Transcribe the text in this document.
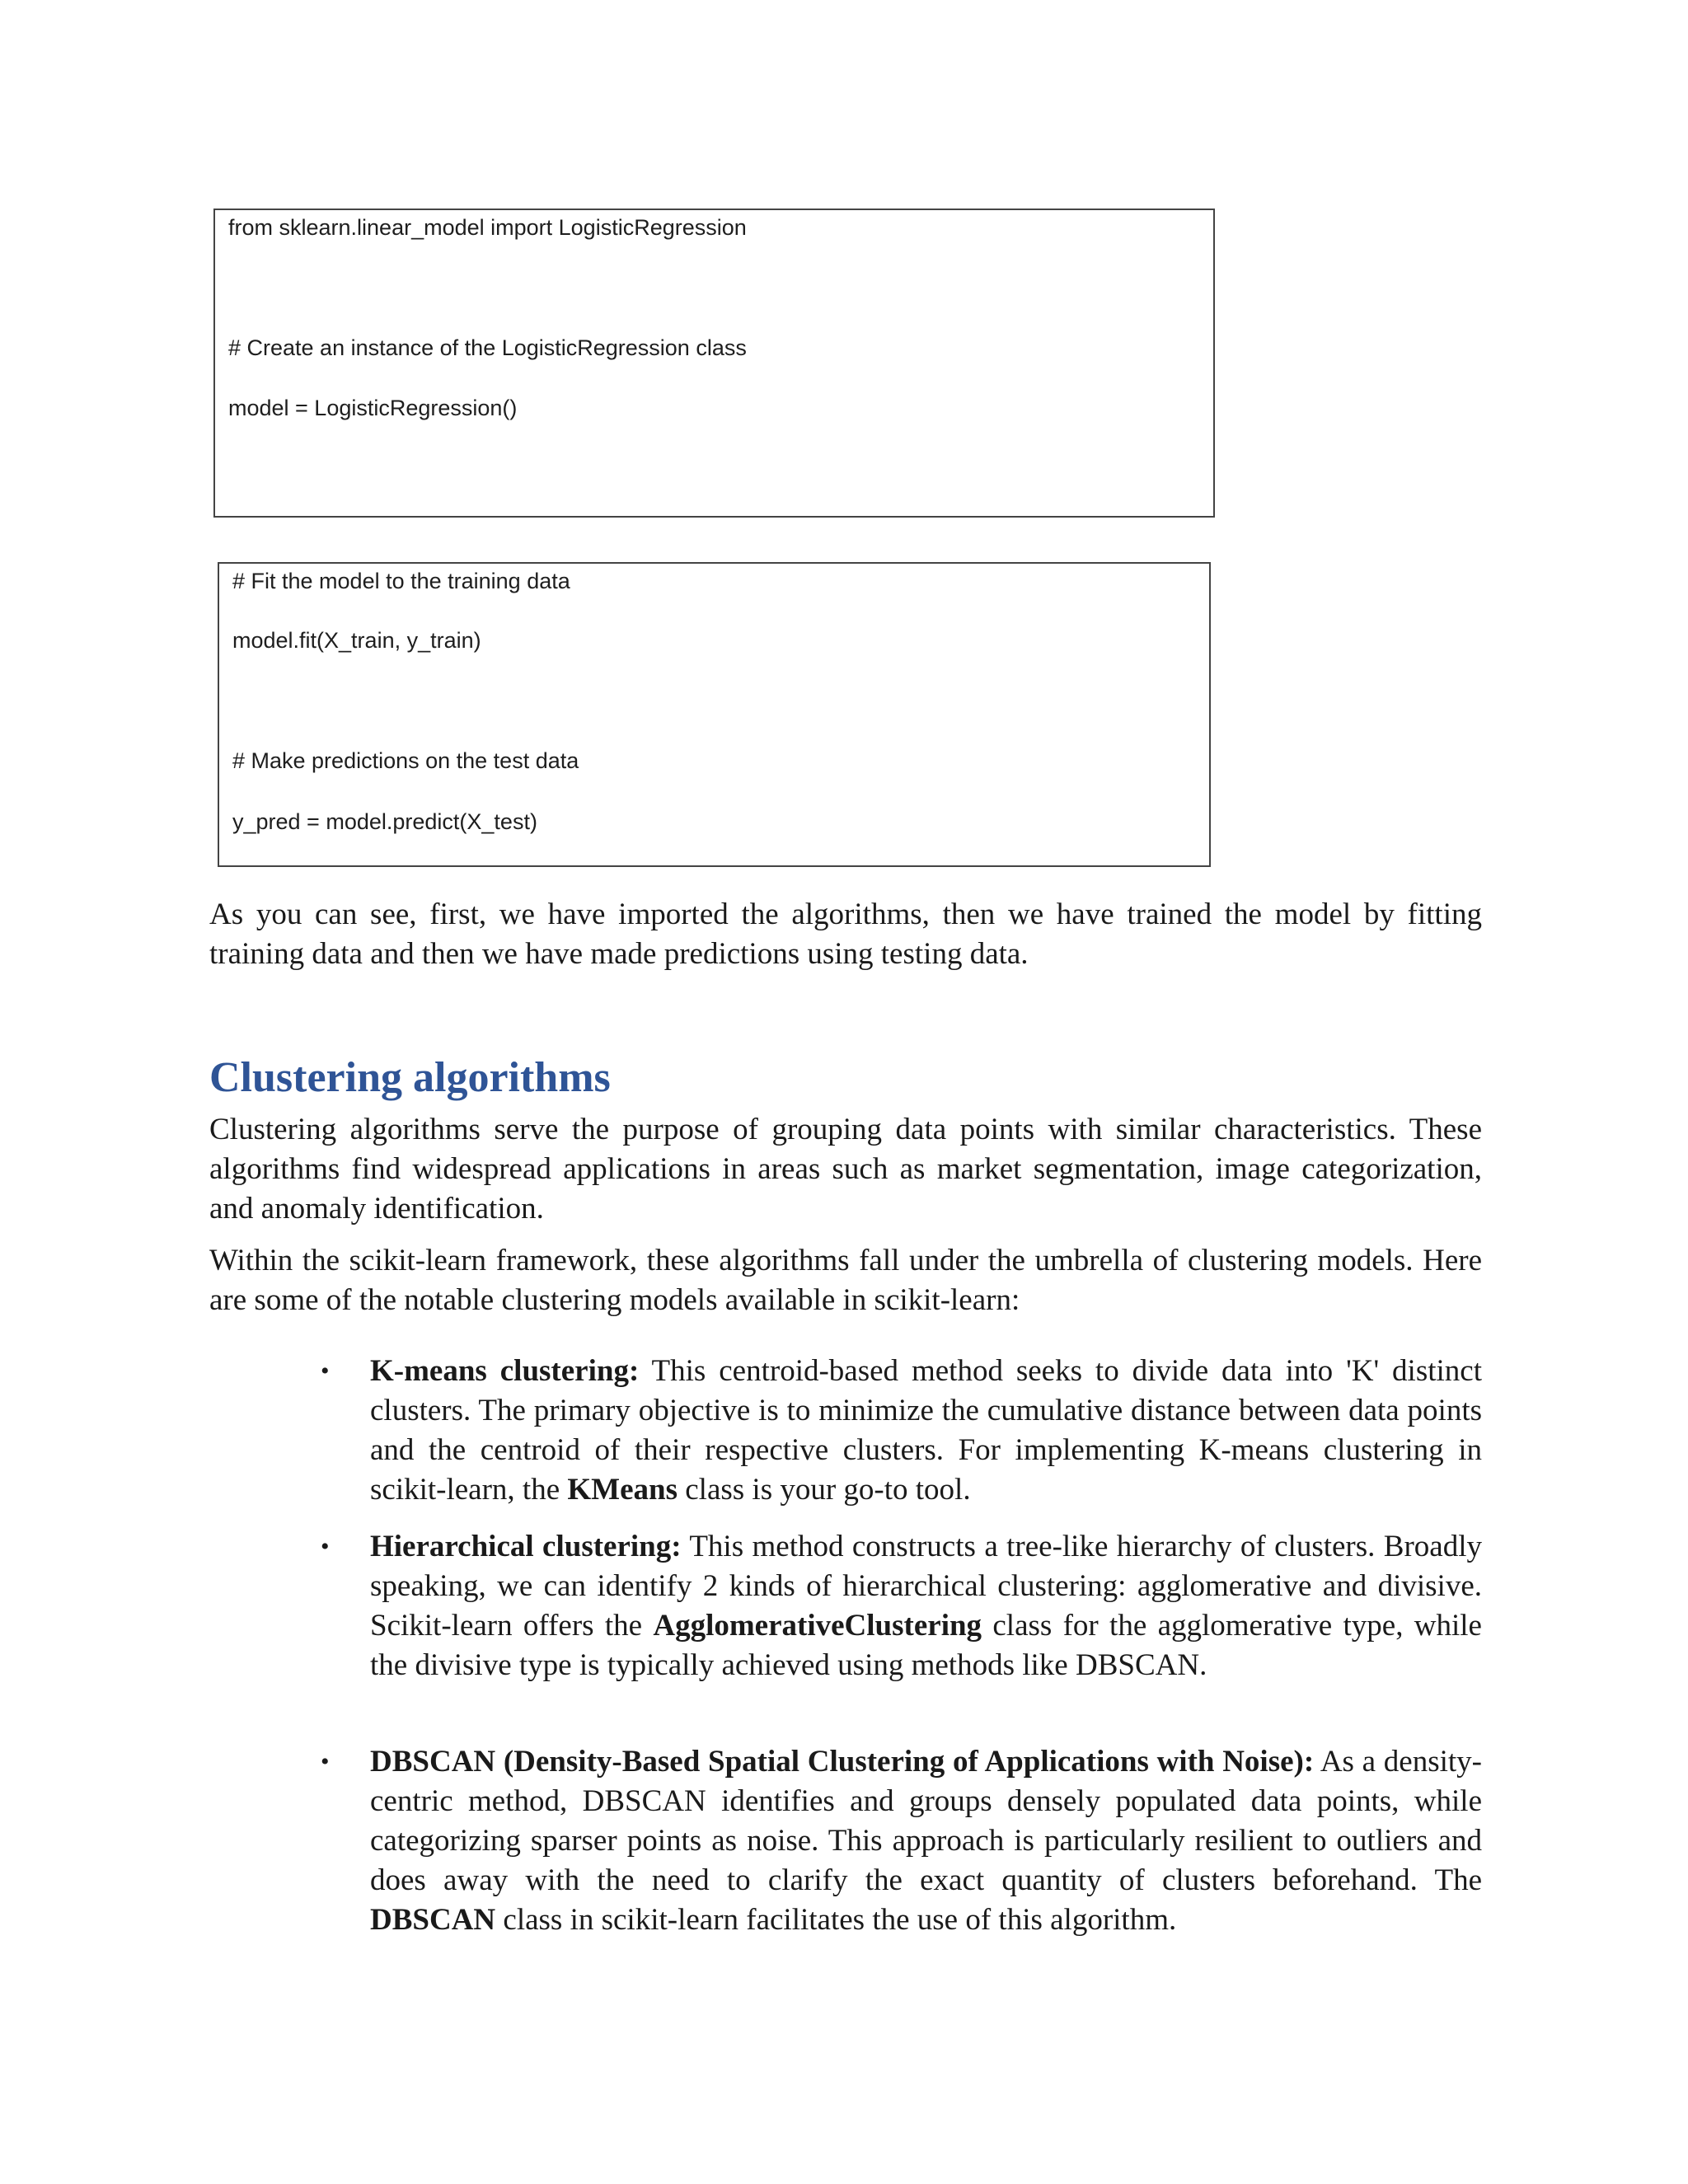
from sklearn.linear_model import LogisticRegression
# Create an instance of the LogisticRegression class
model = LogisticRegression()
# Fit the model to the training data
model.fit(X_train, y_train)
# Make predictions on the test data
y_pred = model.predict(X_test)

As you can see, first, we have imported the algorithms, then we have trained the model by fitting training data and then we have made predictions using testing data.

Clustering algorithms

Clustering algorithms serve the purpose of grouping data points with similar characteristics. These algorithms find widespread applications in areas such as market segmentation, image categorization, and anomaly identification.

Within the scikit-learn framework, these algorithms fall under the umbrella of clustering models. Here are some of the notable clustering models available in scikit-learn:

• K-means clustering: This centroid-based method seeks to divide data into 'K' distinct clusters. The primary objective is to minimize the cumulative distance between data points and the centroid of their respective clusters. For implementing K-means clustering in scikit-learn, the KMeans class is your go-to tool.
• Hierarchical clustering: This method constructs a tree-like hierarchy of clusters. Broadly speaking, we can identify 2 kinds of hierarchical clustering: agglomerative and divisive. Scikit-learn offers the AgglomerativeClustering class for the agglomerative type, while the divisive type is typically achieved using methods like DBSCAN.
• DBSCAN (Density-Based Spatial Clustering of Applications with Noise): As a density-centric method, DBSCAN identifies and groups densely populated data points, while categorizing sparser points as noise. This approach is particularly resilient to outliers and does away with the need to clarify the exact quantity of clusters beforehand. The DBSCAN class in scikit-learn facilitates the use of this algorithm.
